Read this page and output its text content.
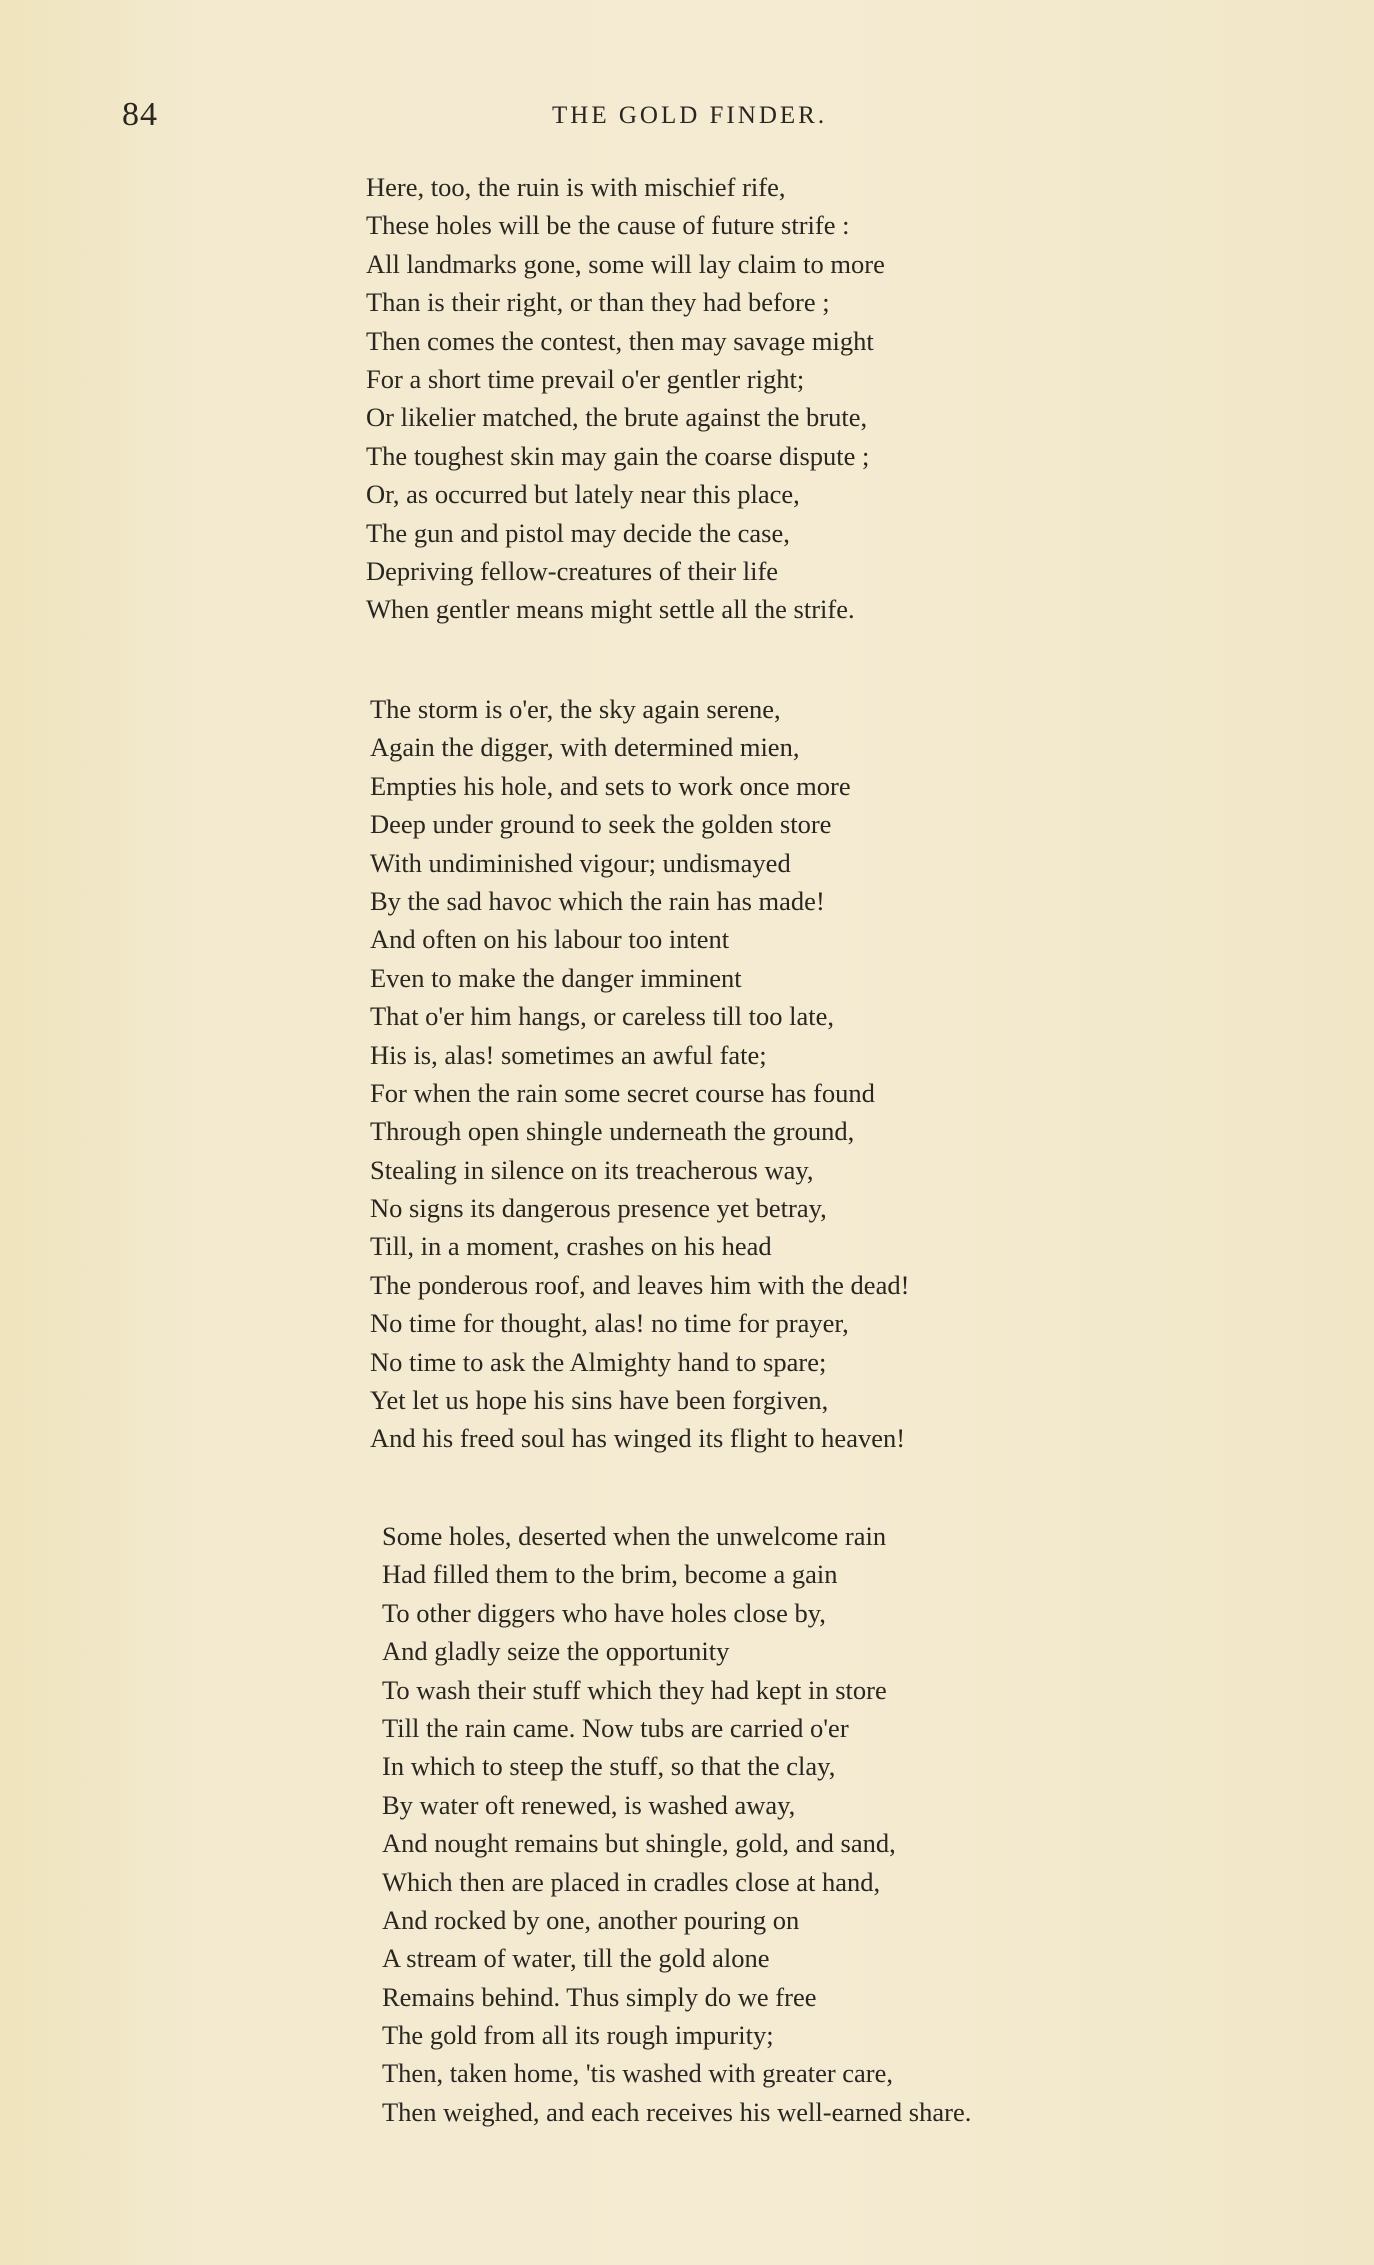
84	THE GOLD FINDER.
Here, too, the ruin is with mischief rife,
These holes will be the cause of future strife :
All landmarks gone, some will lay claim to more
Than is their right, or than they had before ;
Then comes the contest, then may savage might
For a short time prevail o'er gentler right;
Or likelier matched, the brute against the brute,
The toughest skin may gain the coarse dispute ;
Or, as occurred but lately near this place,
The gun and pistol may decide the case,
Depriving fellow-creatures of their life
When gentler means might settle all the strife.
The storm is o'er, the sky again serene,
Again the digger, with determined mien,
Empties his hole, and sets to work once more
Deep under ground to seek the golden store
With undiminished vigour; undismayed
By the sad havoc which the rain has made!
And often on his labour too intent
Even to make the danger imminent
That o'er him hangs, or careless till too late,
His is, alas! sometimes an awful fate;
For when the rain some secret course has found
Through open shingle underneath the ground,
Stealing in silence on its treacherous way,
No signs its dangerous presence yet betray,
Till, in a moment, crashes on his head
The ponderous roof, and leaves him with the dead!
No time for thought, alas! no time for prayer,
No time to ask the Almighty hand to spare;
Yet let us hope his sins have been forgiven,
And his freed soul has winged its flight to heaven!
Some holes, deserted when the unwelcome rain
Had filled them to the brim, become a gain
To other diggers who have holes close by,
And gladly seize the opportunity
To wash their stuff which they had kept in store
Till the rain came. Now tubs are carried o'er
In which to steep the stuff, so that the clay,
By water oft renewed, is washed away,
And nought remains but shingle, gold, and sand,
Which then are placed in cradles close at hand,
And rocked by one, another pouring on
A stream of water, till the gold alone
Remains behind. Thus simply do we free
The gold from all its rough impurity;
Then, taken home, 'tis washed with greater care,
Then weighed, and each receives his well-earned share.
